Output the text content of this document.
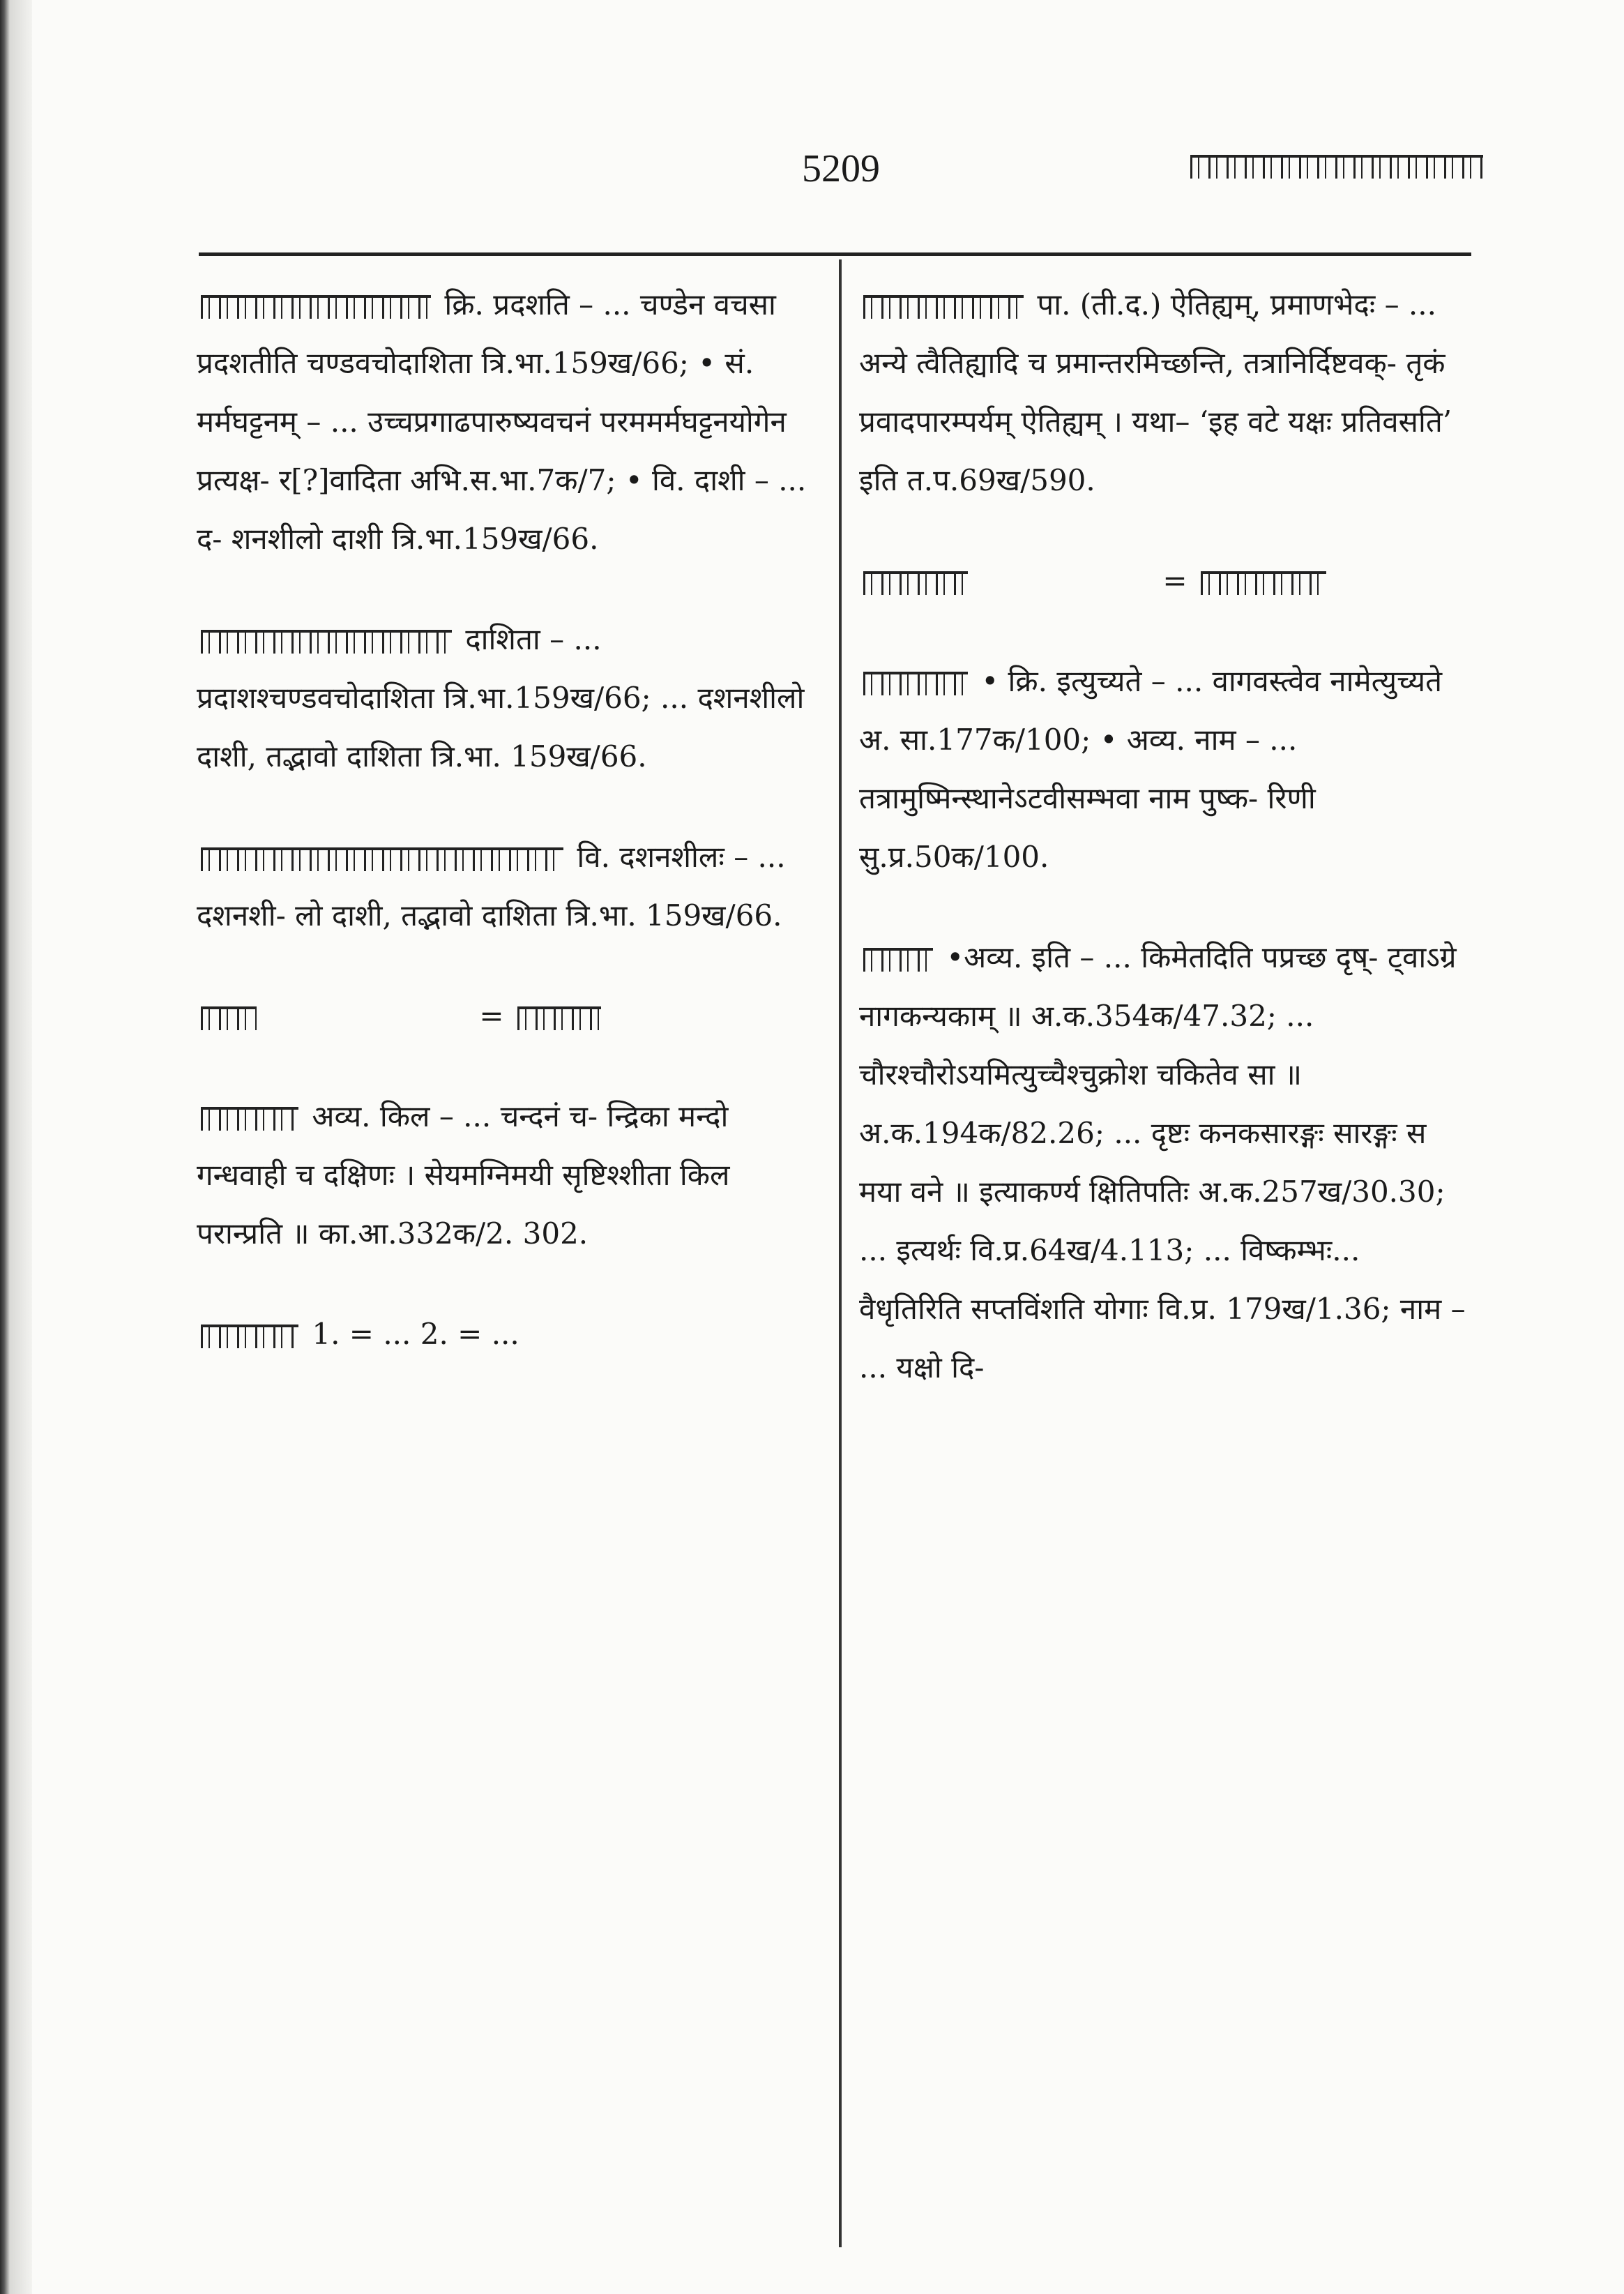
5209
क्रि. प्रदशति – ... चण्डेन वचसा प्रदशतीति चण्डवचोदाशिता त्रि.भा.159ख/66; • सं. मर्मघट्टनम् – ... उच्चप्रगाढपारुष्यवचनं परममर्मघट्टनयोगेन प्रत्यक्ष- र[?]वादिता अभि.स.भा.7क/7; • वि. दाशी – ... द- शनशीलो दाशी त्रि.भा.159ख/66.
दाशिता – ... प्रदाशश्चण्डवचोदाशिता त्रि.भा.159ख/66; ... दशनशीलो दाशी, तद्भावो दाशिता त्रि.भा. 159ख/66.
वि. दशनशीलः – ... दशनशी- लो दाशी, तद्भावो दाशिता त्रि.भा. 159ख/66.
=
अव्य. किल – ... चन्दनं च- न्द्रिका मन्दो गन्धवाही च दक्षिणः । सेयमग्निमयी सृष्टिश्शीता किल परान्प्रति ॥ का.आ.332क/2. 302.
1. = ... 2. = ...
पा. (ती.द.) ऐतिह्यम्, प्रमाणभेदः – ... अन्ये त्वैतिह्यादि च प्रमान्तरमिच्छन्ति, तत्रानिर्दिष्टवक्- तृकं प्रवादपारम्पर्यम् ऐतिह्यम् । यथा– ‘इह वटे यक्षः प्रतिवसति’ इति त.प.69ख/590.
=
• क्रि. इत्युच्यते – ... वागवस्त्वेव नामेत्युच्यते अ. सा.177क/100; • अव्य. नाम – ... तत्रामुष्मिन्स्थानेऽटवीसम्भवा नाम पुष्क- रिणी सु.प्र.50क/100.
•अव्य. इति – ... किमेतदिति पप्रच्छ दृष्- ट्वाऽग्रे नागकन्यकाम् ॥ अ.क.354क/47.32; ... चौरश्चौरोऽयमित्युच्चैश्चुक्रोश चकितेव सा ॥ अ.क.194क/82.26; ... दृष्टः कनकसारङ्गः सारङ्गः स मया वने ॥ इत्याकर्ण्य क्षितिपतिः अ.क.257ख/30.30; ... इत्यर्थः वि.प्र.64ख/4.113; ... विष्कम्भः... वैधृतिरिति सप्तविंशति योगाः वि.प्र. 179ख/1.36; नाम – ... यक्षो दि-
